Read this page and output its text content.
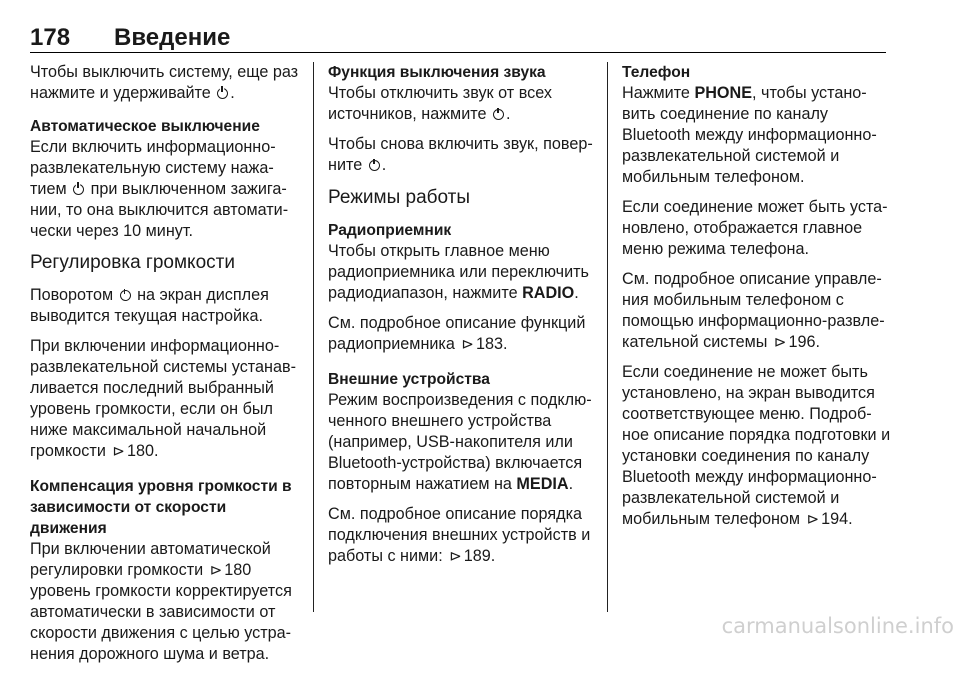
178 Введение

Чтобы выключить систему, еще раз
нажмите и удерживайте .

Автоматическое выключение

Если включить информационно-
развлекательную систему нажа-
тием при выключенном зажига-
нии, то она выключится автомати-
чески через 10 минут.

Регулировка громкости

Поворотом на экран дисплея
выводится текущая настройка.

При включении информационно-
развлекательной системы устанав-
ливается последний выбранный
уровень громкости, если он был
ниже максимальной начальной
громкости ⊳ 180.

Компенсация уровня громкости в
зависимости от скорости движения

При включении автоматической
регулировки громкости ⊳ 180
уровень громкости корректируется
автоматически в зависимости от
скорости движения с целью устра-
нения дорожного шума и ветра.

Функция выключения звука

Чтобы отключить звук от всех
источников, нажмите .

Чтобы снова включить звук, повер-
ните .

Режимы работы
Радиоприемник

Чтобы открыть главное меню
радиоприемника или переключить
радиодиапазон, нажмите RADIO.

См. подробное описание функций
радиоприемника ⊳ 183.

Внешние устройства

Режим воспроизведения с подклю-
ченного внешнего устройства
(например, USB-накопителя или
Bluetooth-устройства) включается
повторным нажатием на MEDIA.

См. подробное описание порядка
подключения внешних устройств и
работы с ними: ⊳ 189.

Телефон

Нажмите PHONE, чтобы устано-
вить соединение по каналу
Bluetooth между информационно-
развлекательной системой и
мобильным телефоном.

Если соединение может быть уста-
новлено, отображается главное
меню режима телефона.

См. подробное описание управле-
ния мобильным телефоном с
помощью информационно-развле-
кательной системы ⊳ 196.

Если соединение не может быть
установлено, на экран выводится
соответствующее меню. Подроб-
ное описание порядка подготовки и
установки соединения по каналу
Bluetooth между информационно-
развлекательной системой и
мобильным телефоном ⊳ 194.

carmanualsonline.info
